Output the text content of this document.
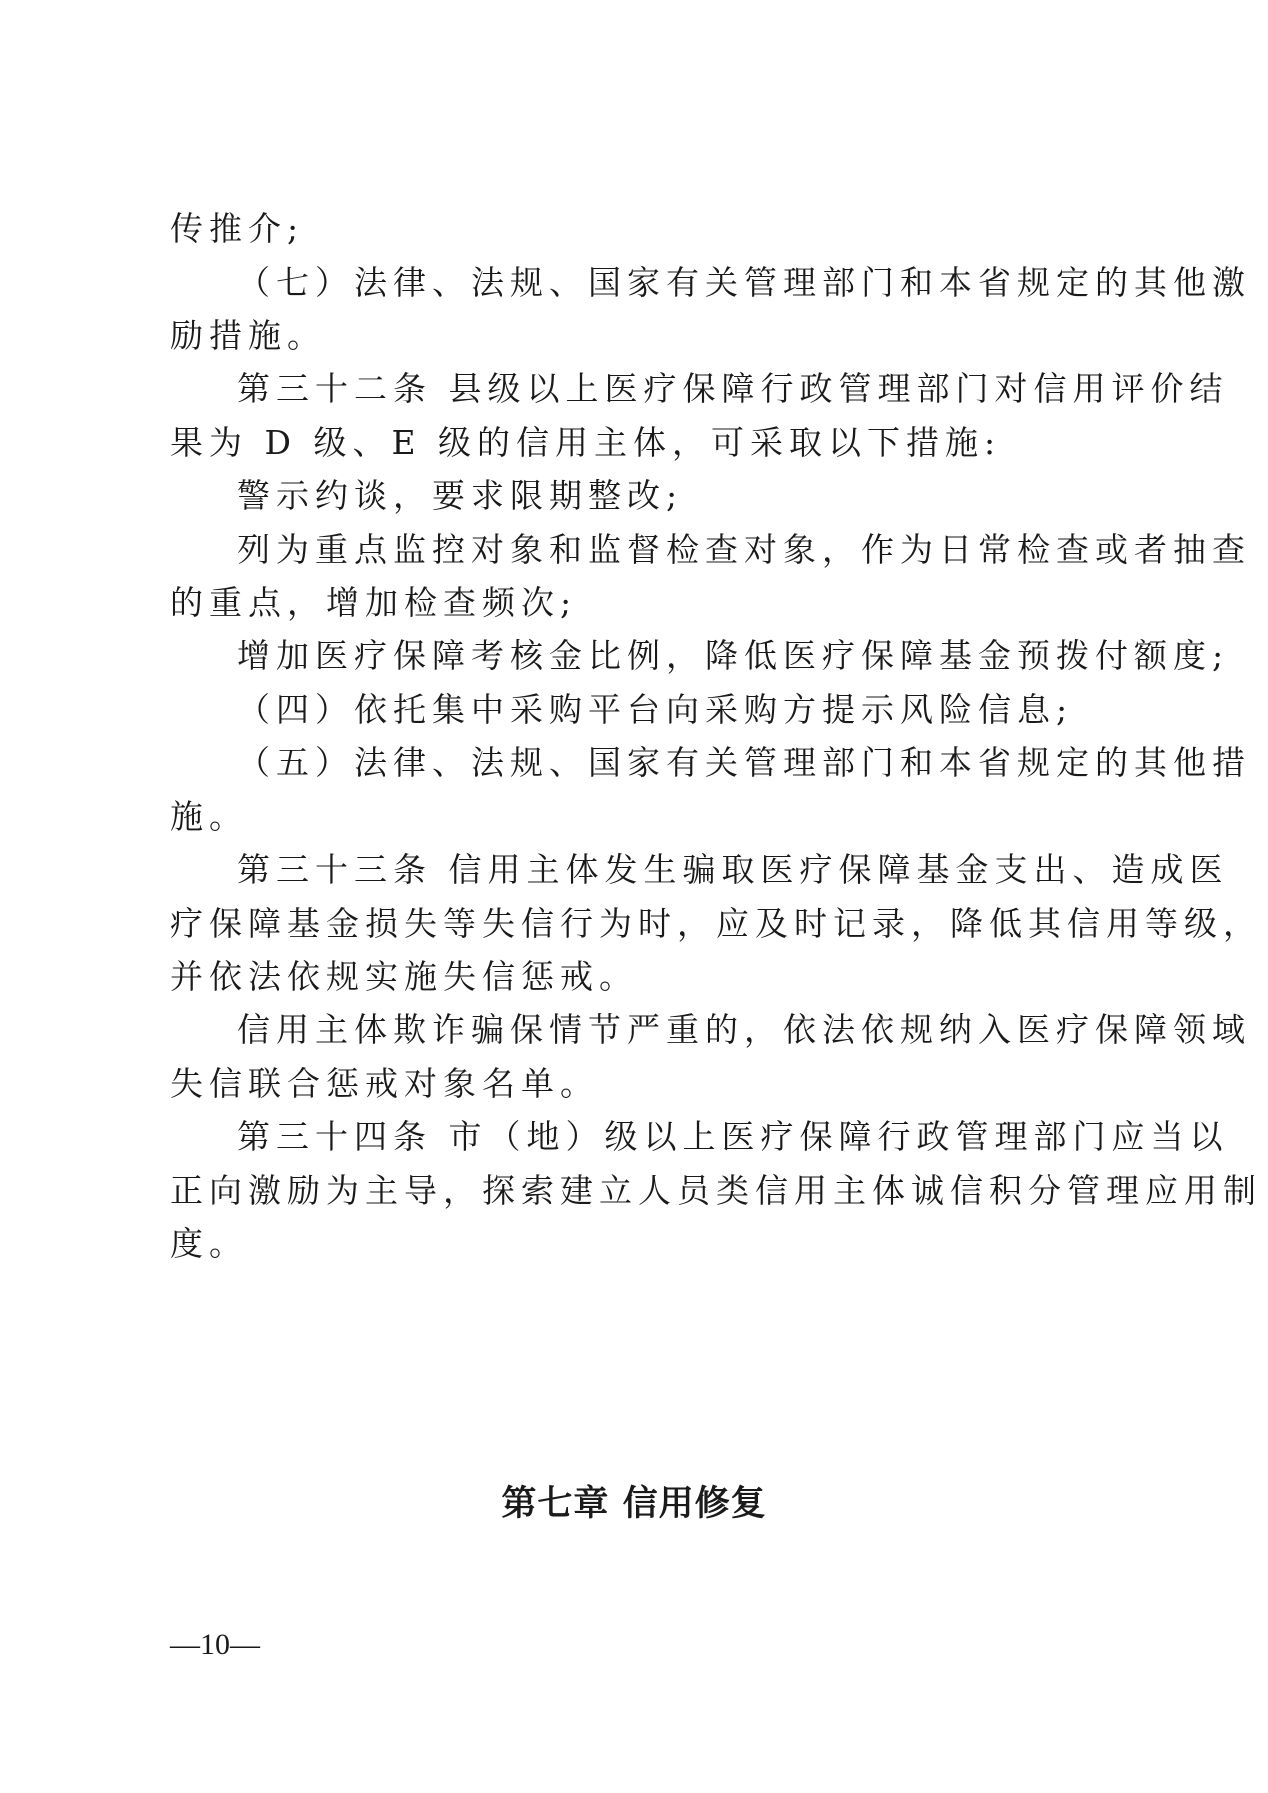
传推介;
（七）法律、法规、国家有关管理部门和本省规定的其他激
励措施。
第三十二条 县级以上医疗保障行政管理部门对信用评价结
果为 D 级、E 级的信用主体，可采取以下措施:
警示约谈，要求限期整改;
列为重点监控对象和监督检查对象，作为日常检查或者抽查
的重点，增加检查频次;
增加医疗保障考核金比例，降低医疗保障基金预拨付额度;
（四）依托集中采购平台向采购方提示风险信息;
（五）法律、法规、国家有关管理部门和本省规定的其他措
施。
第三十三条 信用主体发生骗取医疗保障基金支出、造成医
疗保障基金损失等失信行为时，应及时记录，降低其信用等级，
并依法依规实施失信惩戒。
信用主体欺诈骗保情节严重的，依法依规纳入医疗保障领域
失信联合惩戒对象名单。
第三十四条 市（地）级以上医疗保障行政管理部门应当以
正向激励为主导，探索建立人员类信用主体诚信积分管理应用制
度。
第七章 信用修复
—10—
